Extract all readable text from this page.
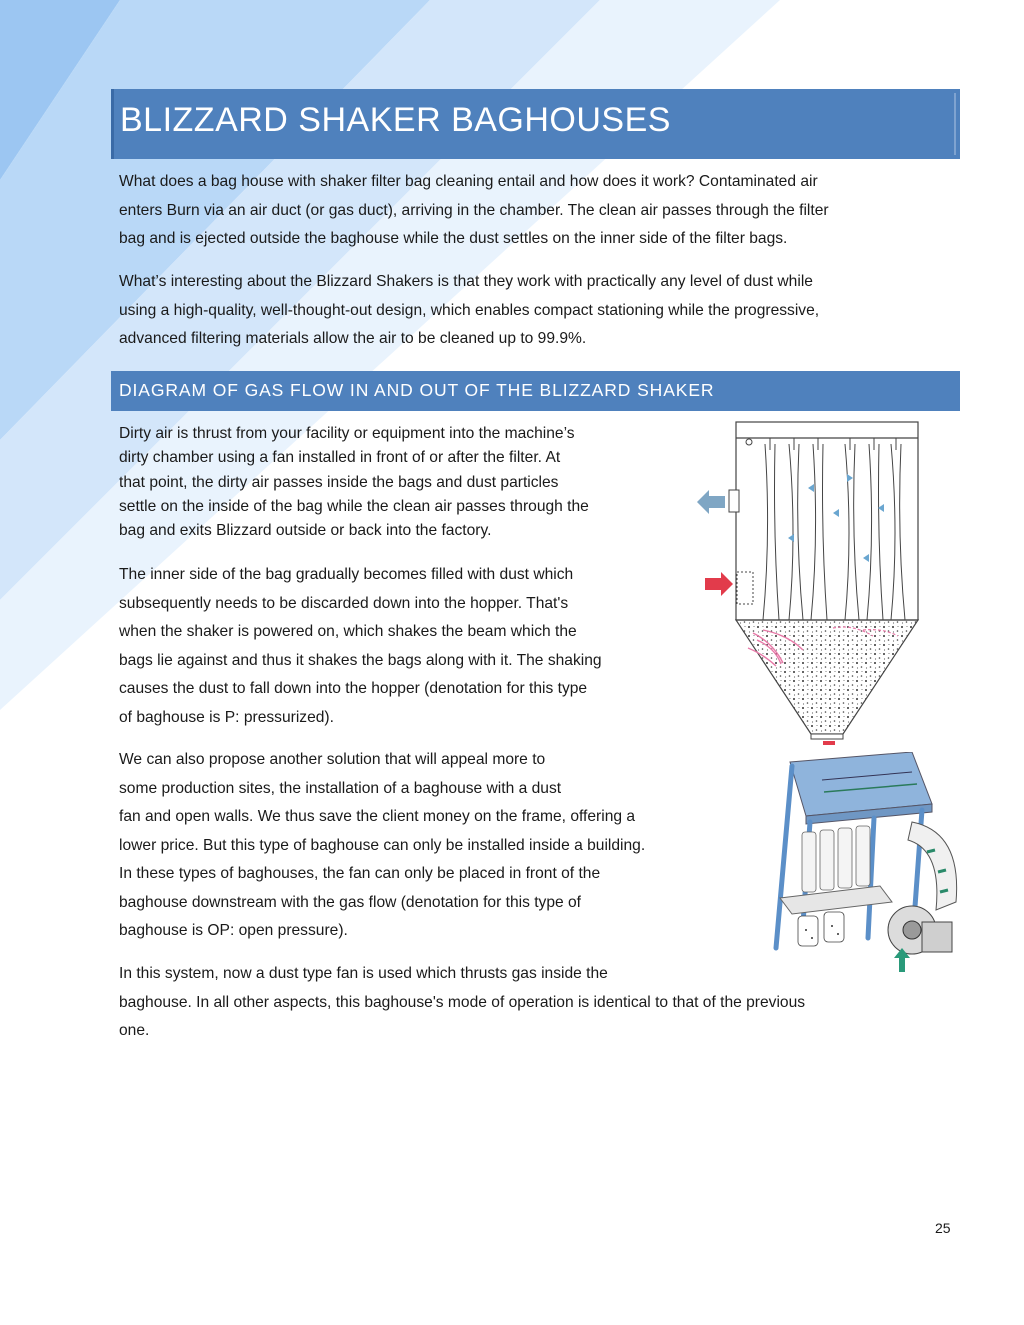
BLIZZARD SHAKER BAGHOUSES

What does a bag house with shaker filter bag cleaning entail and how does it work? Contaminated air
enters Burn via an air duct (or gas duct), arriving in the chamber. The clean air passes through the filter
bag and is ejected outside the baghouse while the dust settles on the inner side of the filter bags.

What’s interesting about the Blizzard Shakers is that they work with practically any level of dust while
using a high-quality, well-thought-out design, which enables compact stationing while the progressive,
advanced filtering materials allow the air to be cleaned up to 99.9%.

DIAGRAM OF GAS FLOW IN AND OUT OF THE BLIZZARD SHAKER

Dirty air is thrust from your facility or equipment into the machine’s
dirty chamber using a fan installed in front of or after the filter. At
that point, the dirty air passes inside the bags and dust particles
settle on the inside of the bag while the clean air passes through the
bag and exits Blizzard outside or back into the factory.

The inner side of the bag gradually becomes filled with dust which
subsequently needs to be discarded down into the hopper. That's
when the shaker is powered on, which shakes the beam which the
bags lie against and thus it shakes the bags along with it. The shaking
causes the dust to fall down into the hopper (denotation for this type
of baghouse is P: pressurized).

We can also propose another solution that will appeal more to
some production sites, the installation of a baghouse with a dust
fan and open walls. We thus save the client money on the frame, offering a
lower price. But this type of baghouse can only be installed inside a building.
In these types of baghouses, the fan can only be placed in front of the
baghouse downstream with the gas flow (denotation for this type of
baghouse is OP: open pressure).

In this system, now a dust type fan is used which thrusts gas inside the
baghouse. In all other aspects, this baghouse's mode of operation is identical to that of the previous
one.

25
